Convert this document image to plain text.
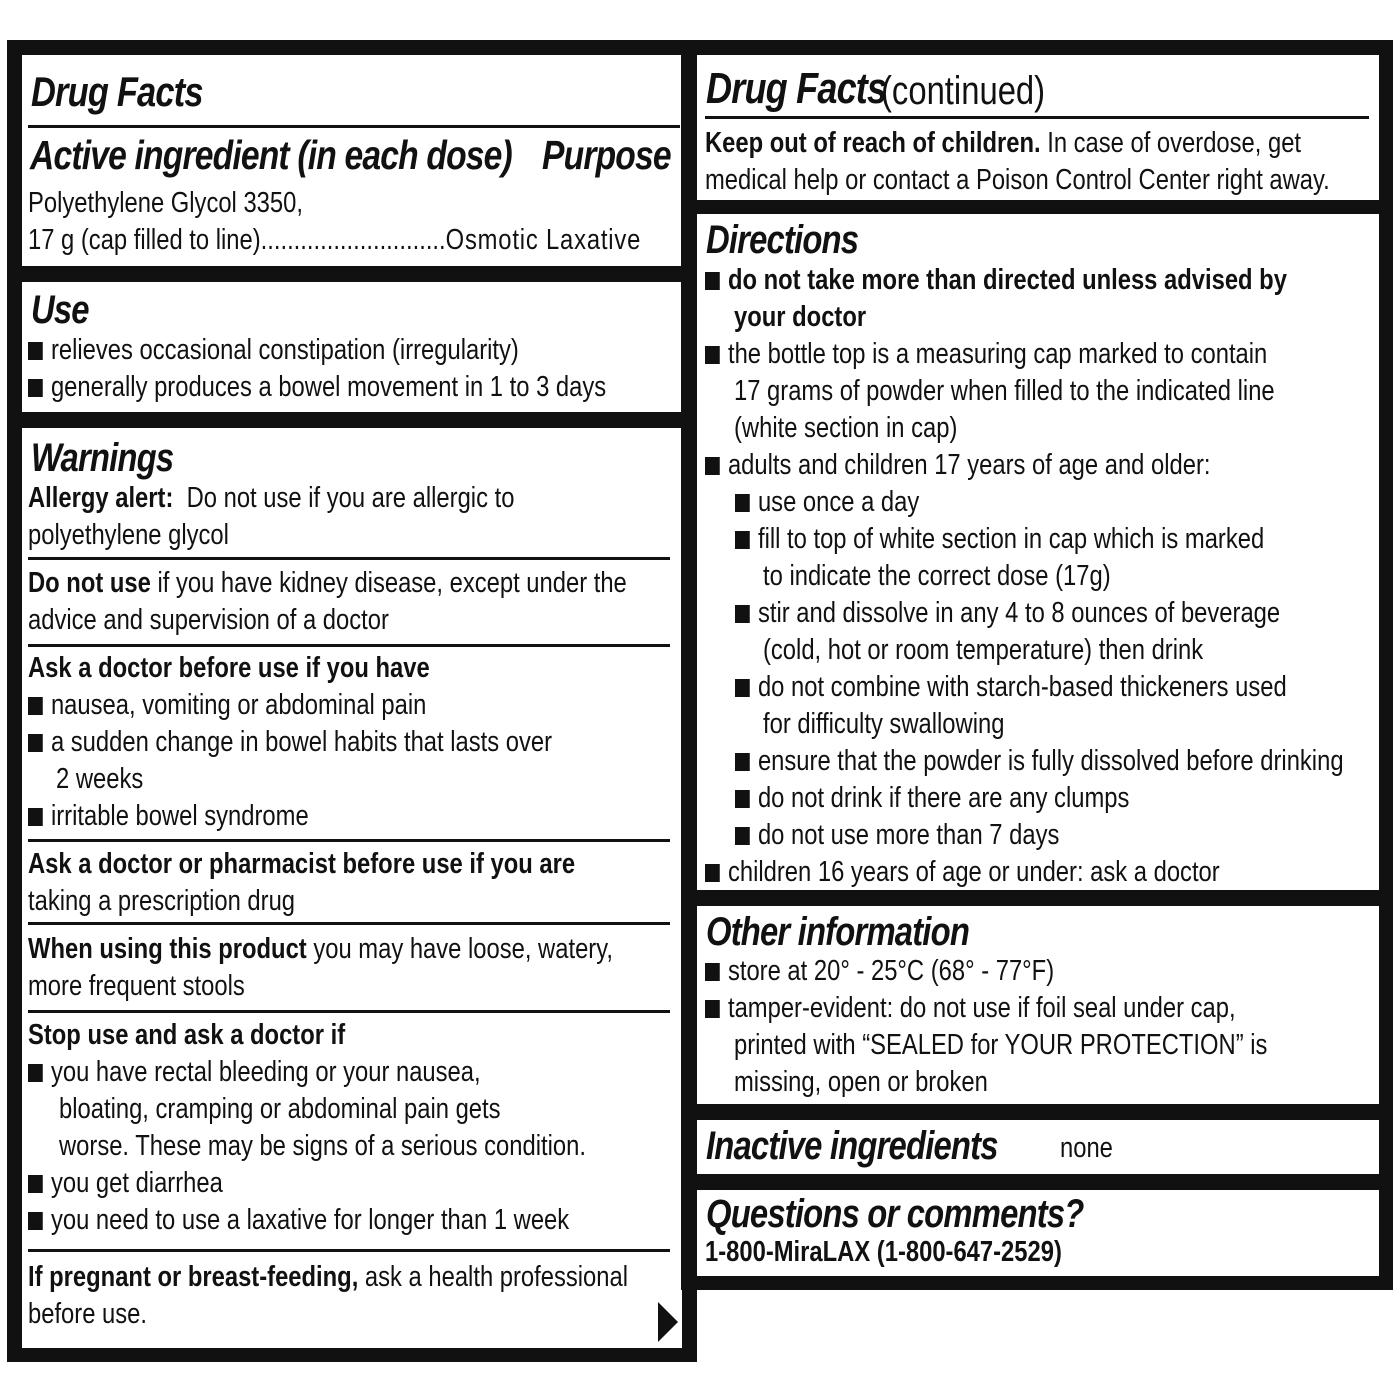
Drug Facts
Active ingredient (in each dose) Purpose
Polyethylene Glycol 3350,
17 g (cap filled to line)............................Osmotic Laxative
Use
relieves occasional constipation (irregularity)
generally produces a bowel movement in 1 to 3 days
Warnings
Allergy alert: Do not use if you are allergic to
polyethylene glycol
Do not use if you have kidney disease, except under the
advice and supervision of a doctor
Ask a doctor before use if you have
nausea, vomiting or abdominal pain
a sudden change in bowel habits that lasts over
2 weeks
irritable bowel syndrome
Ask a doctor or pharmacist before use if you are
taking a prescription drug
When using this product you may have loose, watery,
more frequent stools
Stop use and ask a doctor if
you have rectal bleeding or your nausea,
bloating, cramping or abdominal pain gets
worse. These may be signs of a serious condition.
you get diarrhea
you need to use a laxative for longer than 1 week
If pregnant or breast-feeding, ask a health professional
before use.
Drug Facts
(continued)
Keep out of reach of children. In case of overdose, get
medical help or contact a Poison Control Center right away.
Directions
do not take more than directed unless advised by
your doctor
the bottle top is a measuring cap marked to contain
17 grams of powder when filled to the indicated line
(white section in cap)
adults and children 17 years of age and older:
use once a day
fill to top of white section in cap which is marked
to indicate the correct dose (17g)
stir and dissolve in any 4 to 8 ounces of beverage
(cold, hot or room temperature) then drink
do not combine with starch-based thickeners used
for difficulty swallowing
ensure that the powder is fully dissolved before drinking
do not drink if there are any clumps
do not use more than 7 days
children 16 years of age or under: ask a doctor
Other information
store at 20° - 25°C (68° - 77°F)
tamper-evident: do not use if foil seal under cap,
printed with “SEALED for YOUR PROTECTION” is
missing, open or broken
Inactive ingredients none
Questions or comments?
1-800-MiraLAX (1-800-647-2529)
